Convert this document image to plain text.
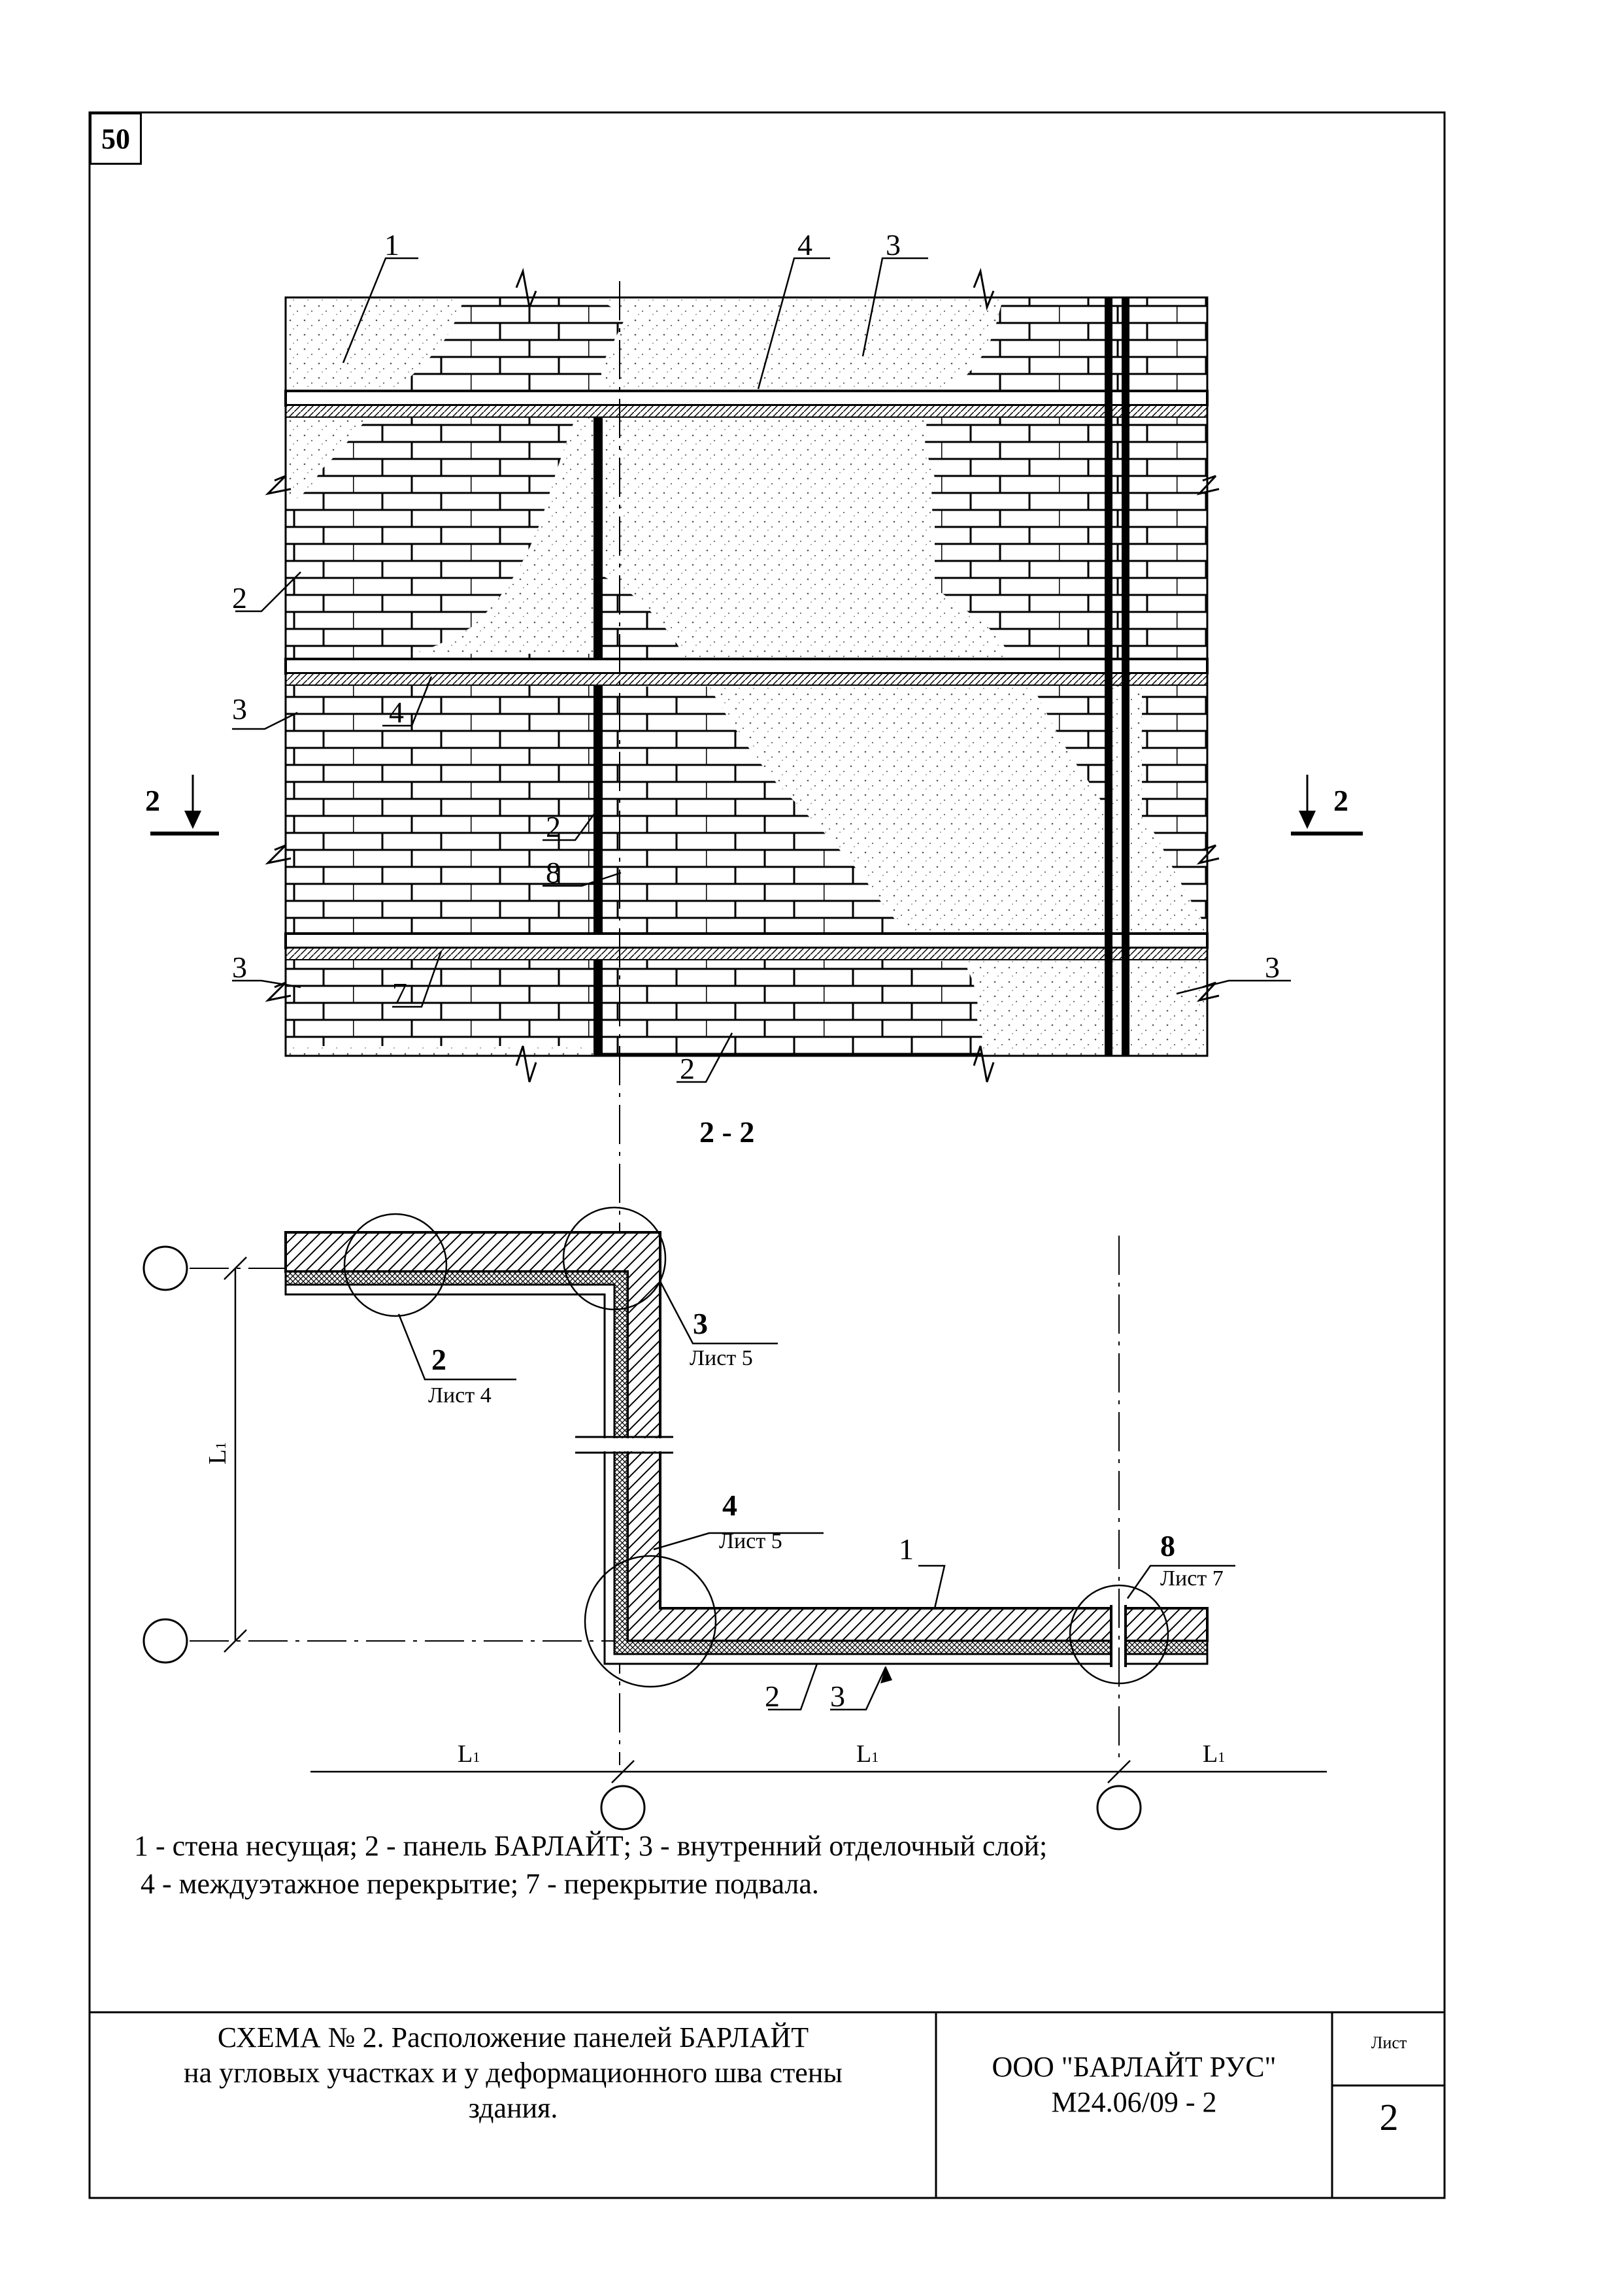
1	4 3
2
3	4
2
8
3
7
3
2
2	2
2
Лист 4
3
Лист 5
4
Лист 5	8
Лист 7
1
2 3
L1	L1	L1
L1
50
2 - 2
1 - стена несущая; 2 - панель БАРЛАЙТ; 3 - внутренний отделочный слой;
4 - междуэтажное перекрытие; 7 - перекрытие подвала.
СХЕМА № 2. Расположение панелей БАРЛАЙТ
на угловых участках и у деформационного шва стены
здания.
ООО "БАРЛАЙТ РУС"
М24.06/09 - 2
Лист
2
